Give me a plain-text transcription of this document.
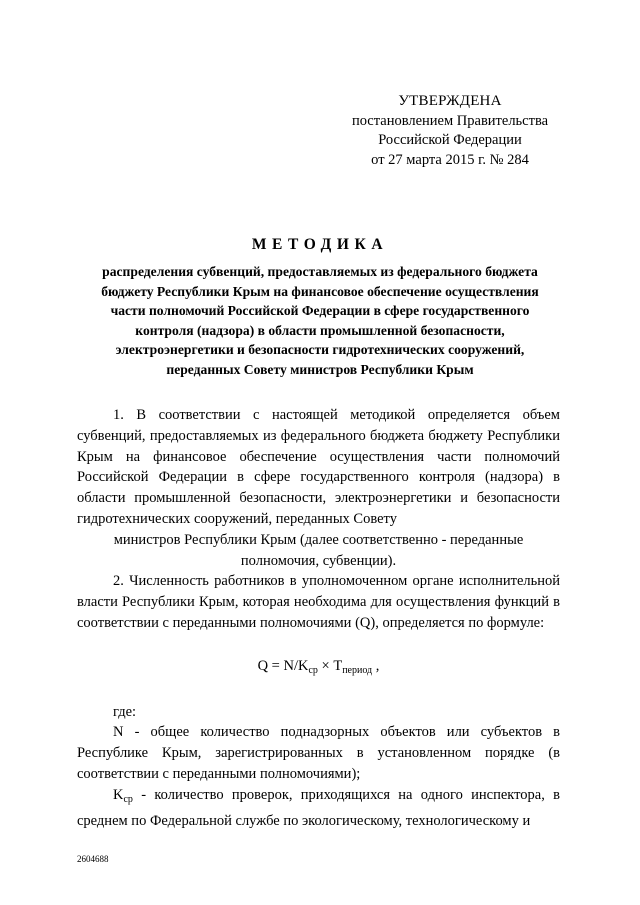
УТВЕРЖДЕНА
постановлением Правительства
Российской Федерации
от 27 марта 2015 г. № 284
МЕТОДИКА
распределения субвенций, предоставляемых из федерального бюджета
бюджету Республики Крым на финансовое обеспечение осуществления
части полномочий Российской Федерации в сфере государственного
контроля (надзора) в области промышленной безопасности,
электроэнергетики и безопасности гидротехнических сооружений,
переданных Совету министров Республики Крым

1. В соответствии с настоящей методикой определяется объем субвенций, предоставляемых из федерального бюджета бюджету Республики Крым на финансовое обеспечение осуществления части полномочий Российской Федерации в сфере государственного контроля (надзора) в области промышленной безопасности, электроэнергетики и безопасности гидротехнических сооружений, переданных Совету

министров Республики Крым (далее соответственно - переданные полномочия, субвенции).

2. Численность работников в уполномоченном органе исполнительной власти Республики Крым, которая необходима для осуществления функций в соответствии с переданными полномочиями (Q), определяется по формуле:

$Q = N/K_{ср} \times T_{период}$ ,

где:

N - общее количество поднадзорных объектов или субъектов в Республике Крым, зарегистрированных в установленном порядке (в соответствии с переданными полномочиями);

$K_{ср}$ - количество проверок, приходящихся на одного инспектора, в среднем по Федеральной службе по экологическому, технологическому и

2604688
